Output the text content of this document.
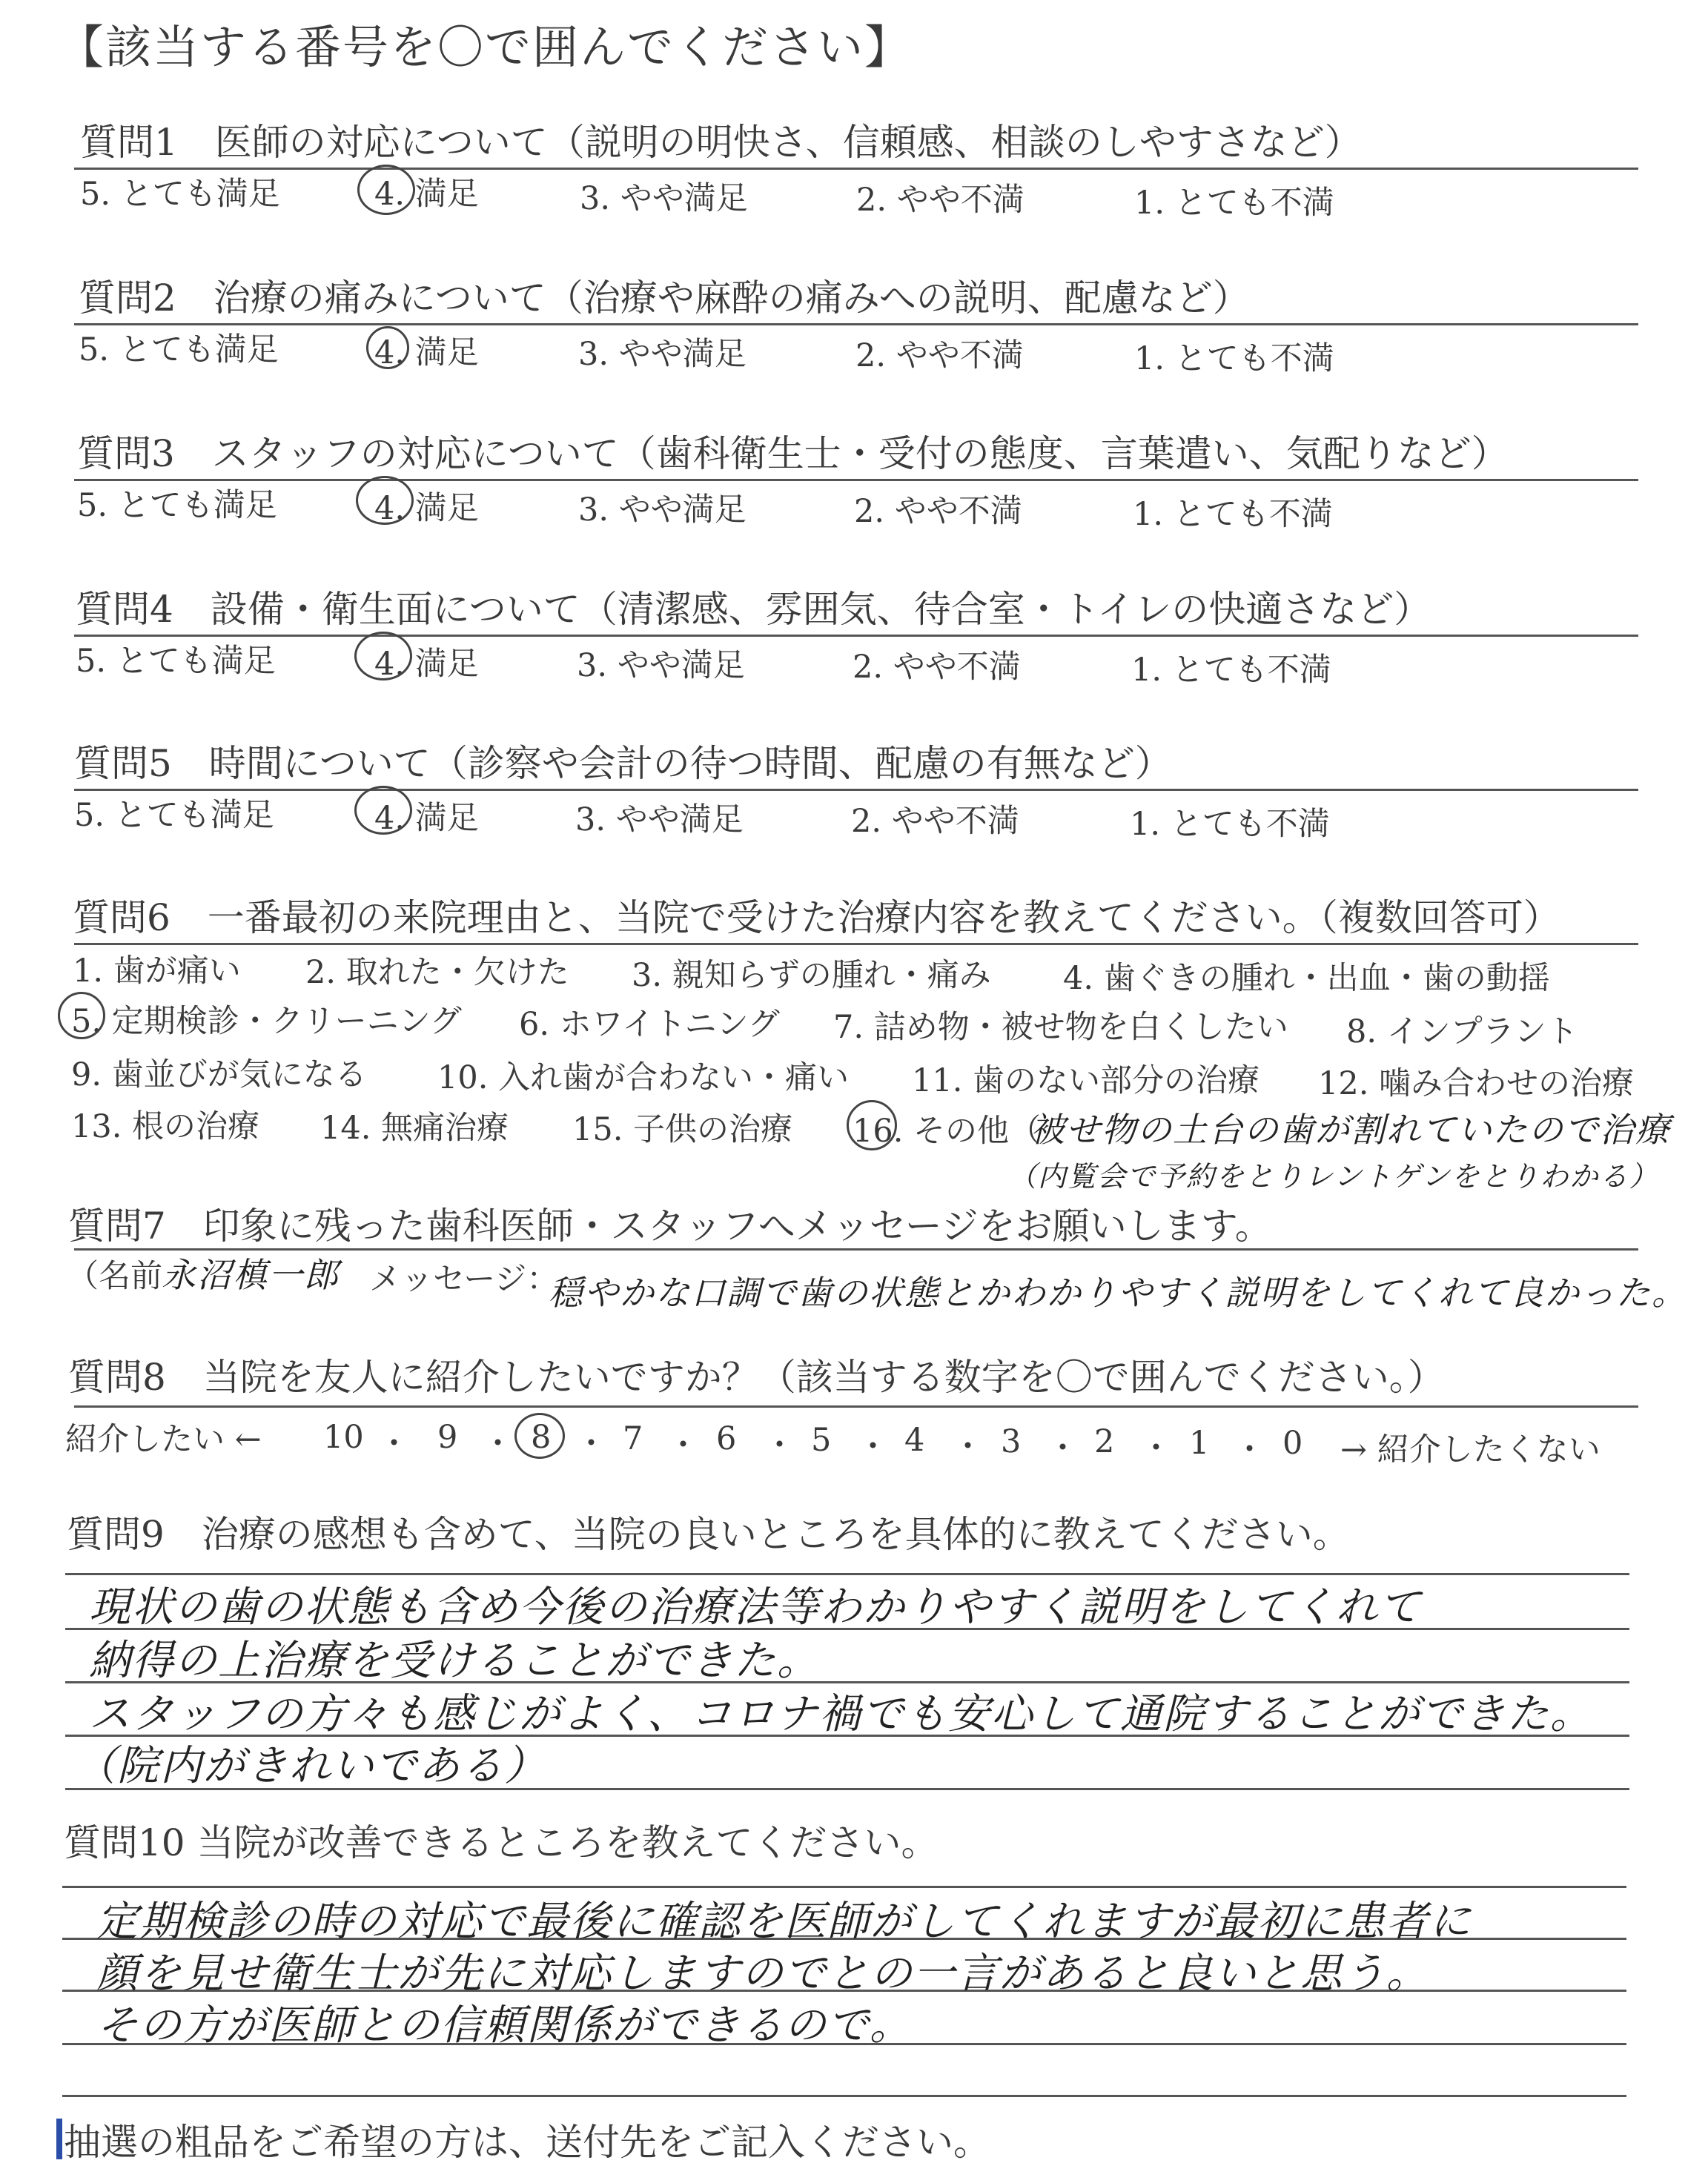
【該当する番号を〇で囲んでください】
質問1　医師の対応について（説明の明快さ、信頼感、相談のしやすさなど）
5. とても満足	4. 満足	3. やや満足	2. やや不満	1. とても不満
質問2　治療の痛みについて（治療や麻酔の痛みへの説明、配慮など）
5. とても満足	4. 満足	3. やや満足	2. やや不満	1. とても不満
質問3　スタッフの対応について（歯科衛生士・受付の態度、言葉遣い、気配りなど）
5. とても満足	4. 満足	3. やや満足	2. やや不満	1. とても不満
質問4　設備・衛生面について（清潔感、雰囲気、待合室・トイレの快適さなど）
5. とても満足	4. 満足	3. やや満足	2. やや不満	1. とても不満
質問5　時間について（診察や会計の待つ時間、配慮の有無など）
5. とても満足	4. 満足	3. やや満足	2. やや不満	1. とても不満
質問6　一番最初の来院理由と、当院で受けた治療内容を教えてください。（複数回答可）
1. 歯が痛い 2. 取れた・欠けた 3. 親知らずの腫れ・痛み 4. 歯ぐきの腫れ・出血・歯の動揺
5. 定期検診・クリーニング 6. ホワイトニング 7. 詰め物・被せ物を白くしたい 8. インプラント
9. 歯並びが気になる 10. 入れ歯が合わない・痛い 11. 歯のない部分の治療 12. 噛み合わせの治療
13. 根の治療 14. 無痛治療 15. 子供の治療 16. その他（
被せ物の土台の歯が割れていたので治療
（内覧会で予約をとりレントゲンをとりわかる）
質問7　印象に残った歯科医師・スタッフへメッセージをお願いします。
（名前 永沼槙一郎 メッセージ：
穏やかな口調で歯の状態とかわかりやすく説明をしてくれて良かった。
質問8　当院を友人に紹介したいですか？（該当する数字を〇で囲んでください。）
紹介したい ← 10 ・ 9 ・ 8 ・ 7 ・ 6 ・ 5 ・ 4 ・ 3 ・ 2 ・ 1 ・ 0 → 紹介したくない
質問9　治療の感想も含めて、当院の良いところを具体的に教えてください。
現状の歯の状態も含め今後の治療法等わかりやすく説明をしてくれて
納得の上治療を受けることができた。
スタッフの方々も感じがよく、コロナ禍でも安心して通院することができた。
（院内がきれいである）
質問10 当院が改善できるところを教えてください。
定期検診の時の対応で最後に確認を医師がしてくれますが最初に患者に
顔を見せ衛生士が先に対応しますのでとの一言があると良いと思う。
その方が医師との信頼関係ができるので。
抽選の粗品をご希望の方は、送付先をご記入ください。
